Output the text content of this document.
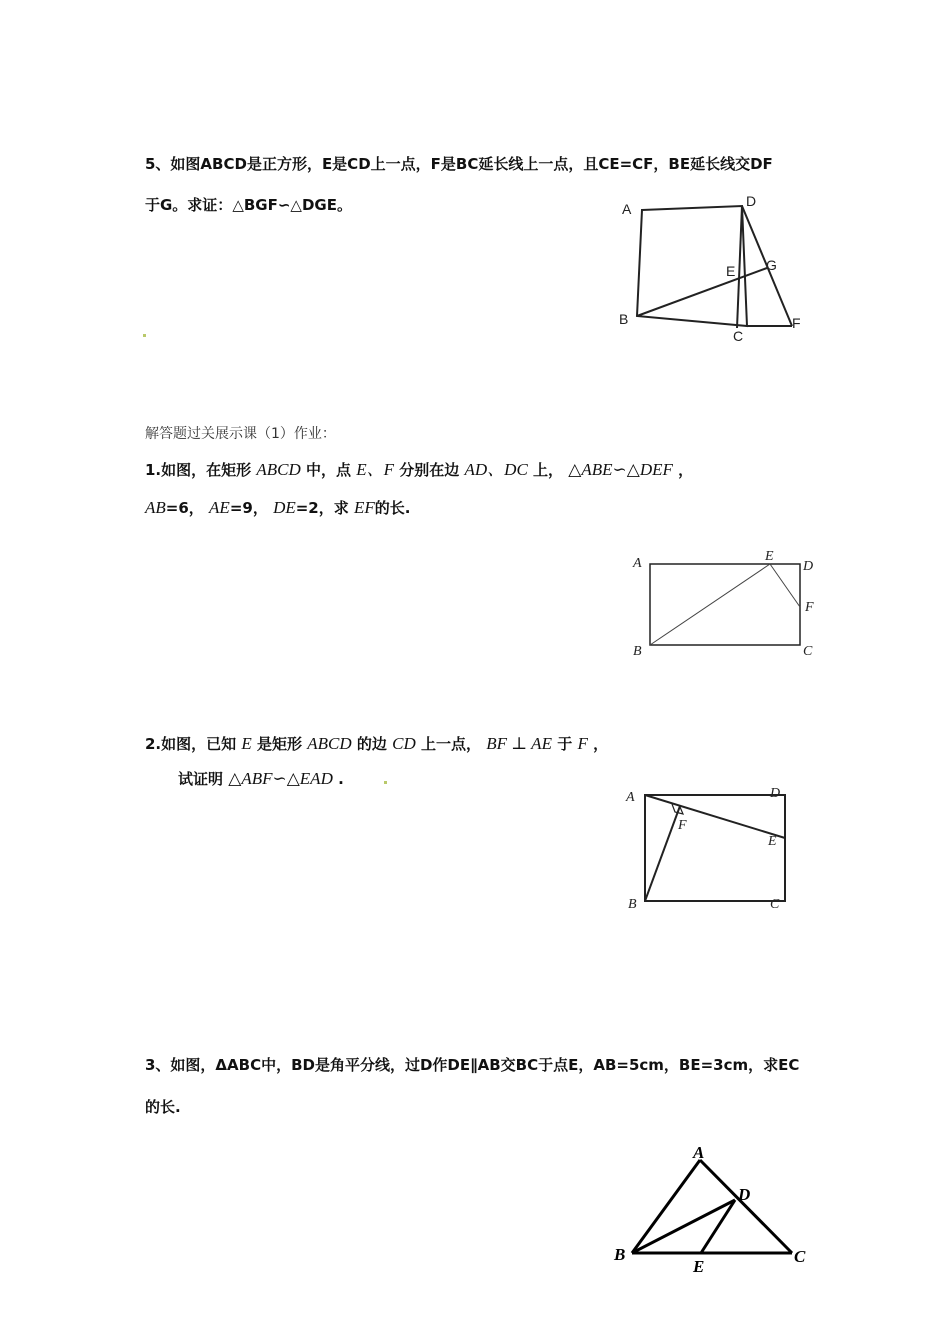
5、如图ABCD是正方形，E是CD上一点，F是BC延长线上一点，且CE=CF，BE延长线交DF
于G。求证：△BGF∽△DGE。	A	D
E G
B
C
F
解答题过关展示课（1）作业：
1.如图，在矩形 ABCD 中，点 E、F 分别在边 AD、DC 上， △ABE∽△DEF ，
AB=6， AE=9， DE=2，求 EF的长.
A	E
D
F
B	C
2.如图，已知 E 是矩形 ABCD 的边 CD 上一点， BF ⊥ AE 于 F ，
试证明 △ABF∽△EAD .
A	D
F
E
B	C
3、如图，ΔABC中，BD是角平分线，过D作DE∥AB交BC于点E，AB=5cm，BE=3cm，求EC
的长.
A
D
B
E
C
